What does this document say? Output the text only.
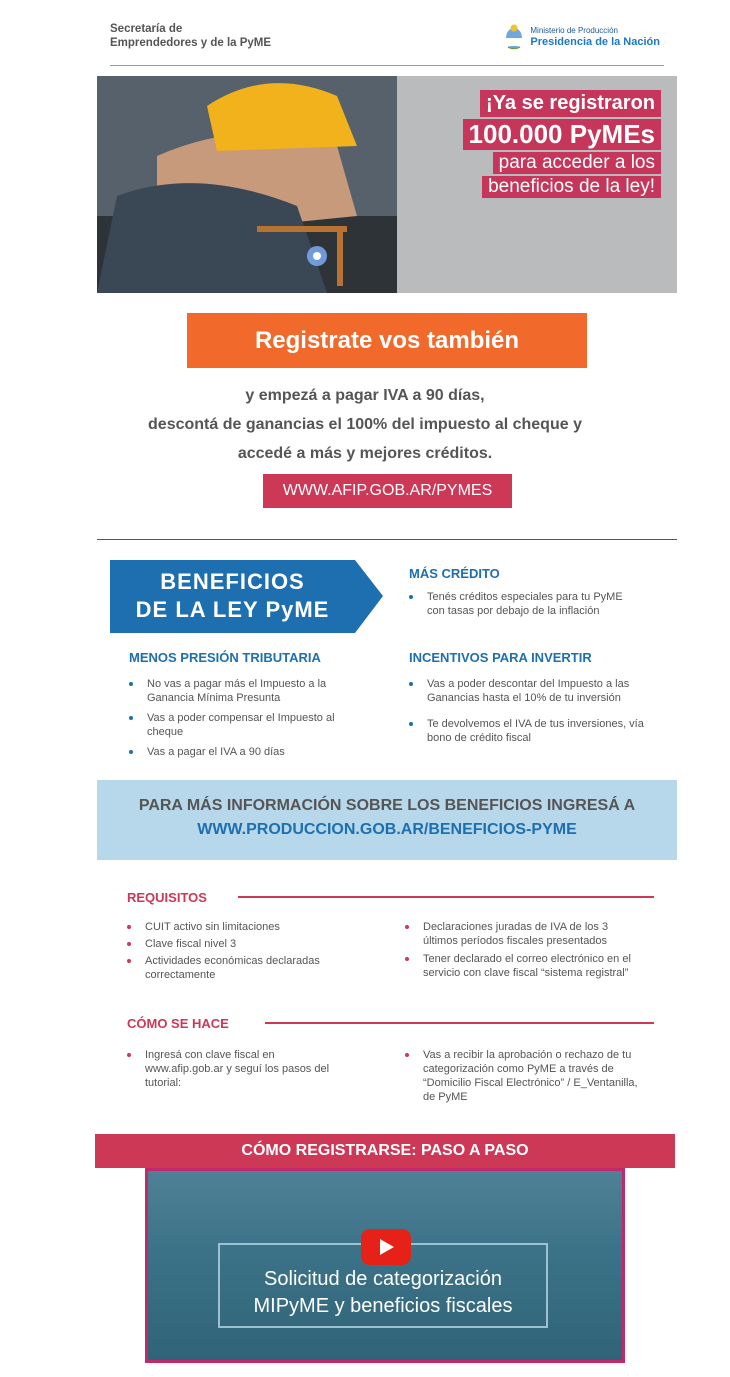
Secretaría de
Emprendedores y de la PyME
Ministerio de Producción
Presidencia de la Nación
¡Ya se registraron
100.000 PyMEs
para acceder a los
beneficios de la ley!
Registrate vos también
y empezá a pagar IVA a 90 días,
descontá de ganancias el 100% del impuesto al cheque y
accedé a más y mejores créditos.
WWW.AFIP.GOB.AR/PYMES
BENEFICIOS
DE LA LEY PyME
MÁS CRÉDITO
Tenés créditos especiales para tu PyME con tasas por debajo de la inflación
MENOS PRESIÓN TRIBUTARIA
No vas a pagar más el Impuesto a la Ganancia Mínima Presunta
Vas a poder compensar el Impuesto al cheque
Vas a pagar el IVA a 90 días
INCENTIVOS PARA INVERTIR
Vas a poder descontar del Impuesto a las Ganancias hasta el 10% de tu inversión
Te devolvemos el IVA de tus inversiones, vía bono de crédito fiscal
PARA MÁS INFORMACIÓN SOBRE LOS BENEFICIOS INGRESÁ A
WWW.PRODUCCION.GOB.AR/BENEFICIOS-PYME
REQUISITOS
CUIT activo sin limitaciones
Clave fiscal nivel 3
Actividades económicas declaradas correctamente
Declaraciones juradas de IVA de los 3 últimos períodos fiscales presentados
Tener declarado el correo electrónico en el servicio con clave fiscal “sistema registral”
CÓMO SE HACE
Ingresá con clave fiscal en www.afip.gob.ar y seguí los pasos del tutorial:
Vas a recibir la aprobación o rechazo de tu categorización como PyME a través de “Domicilio Fiscal Electrónico” / E_Ventanilla, de PyME
CÓMO REGISTRARSE: PASO A PASO
Solicitud de categorización
MIPyME y beneficios fiscales
